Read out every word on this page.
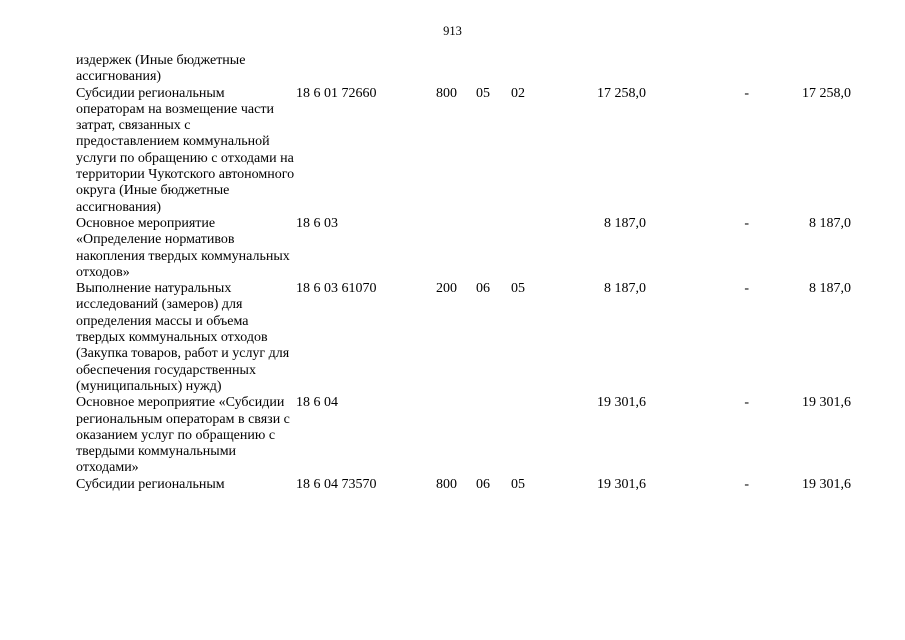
913
издержек (Иные бюджетные ассигнования)							
Субсидии региональным операторам на возмещение части затрат, связанных с предоставлением коммунальной услуги по обращению с отходами на территории Чукотского автономного округа (Иные бюджетные ассигнования)	18 6 01 72660	800	05	02	17 258,0	-	17 258,0
Основное мероприятие «Определение нормативов накопления твердых коммунальных отходов»	18 6 03				8 187,0	-	8 187,0
Выполнение натуральных исследований (замеров) для определения массы и объема твердых коммунальных отходов (Закупка товаров, работ и услуг для обеспечения государственных (муниципальных) нужд)	18 6 03 61070	200	06	05	8 187,0	-	8 187,0
Основное мероприятие «Субсидии региональным операторам в связи с оказанием услуг по обращению с твердыми коммунальными отходами»	18 6 04				19 301,6	-	19 301,6
Субсидии региональным	18 6 04 73570	800	06	05	19 301,6	-	19 301,6
